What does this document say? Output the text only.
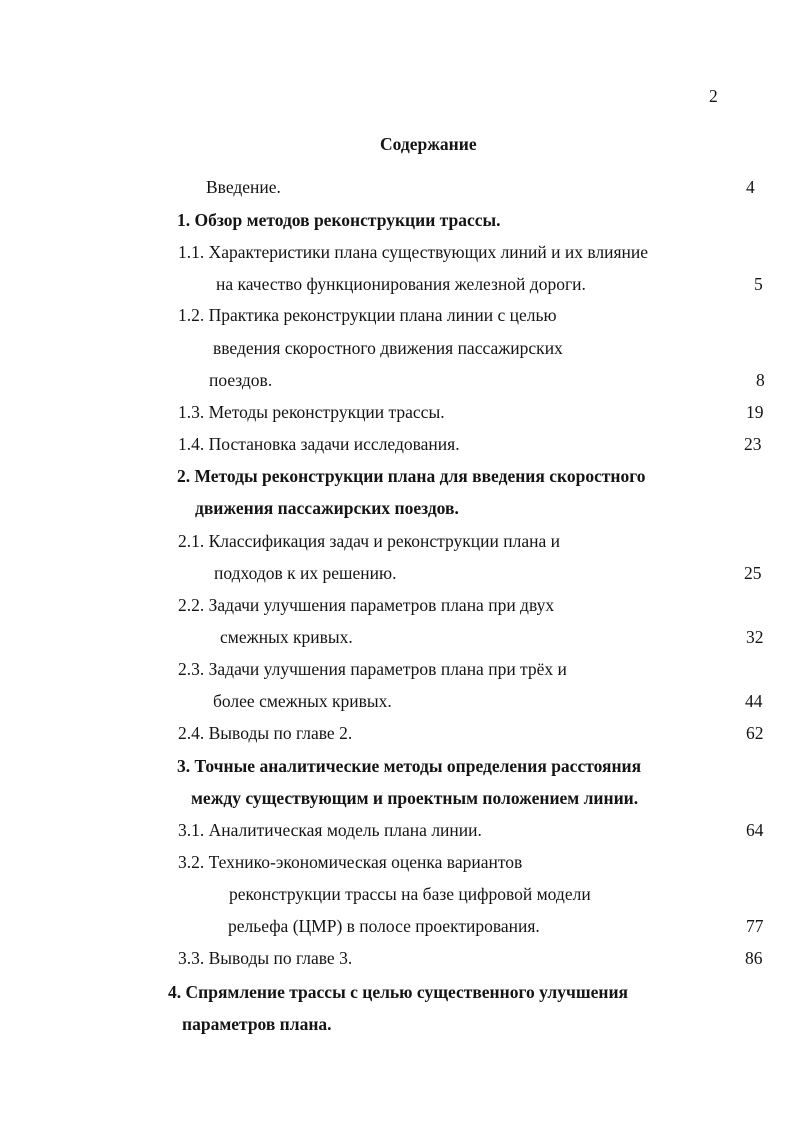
2
Содержание
Введение.	4
1. Обзор методов реконструкции трассы.
1.1. Характеристики плана существующих линий и их влияние
на качество функционирования железной дороги.	5
1.2. Практика реконструкции плана линии с целью
введения скоростного движения пассажирских
поездов.	8
1.3. Методы реконструкции трассы.	19
1.4. Постановка задачи исследования.	23
2. Методы реконструкции плана для введения скоростного
движения пассажирских поездов.
2.1. Классификация задач и реконструкции плана и
подходов к их решению.	25
2.2. Задачи улучшения параметров плана при двух
смежных кривых.	32
2.3. Задачи улучшения параметров плана при трёх и
более смежных кривых.	44
2.4. Выводы по главе 2.	62
3. Точные аналитические методы определения расстояния
между существующим и проектным положением линии.
3.1. Аналитическая модель плана линии.	64
3.2. Технико-экономическая оценка вариантов
реконструкции трассы на базе цифровой модели
рельефа (ЦМР) в полосе проектирования.	77
3.3. Выводы по главе 3.	86
4. Спрямление трассы с целью существенного улучшения
параметров плана.
